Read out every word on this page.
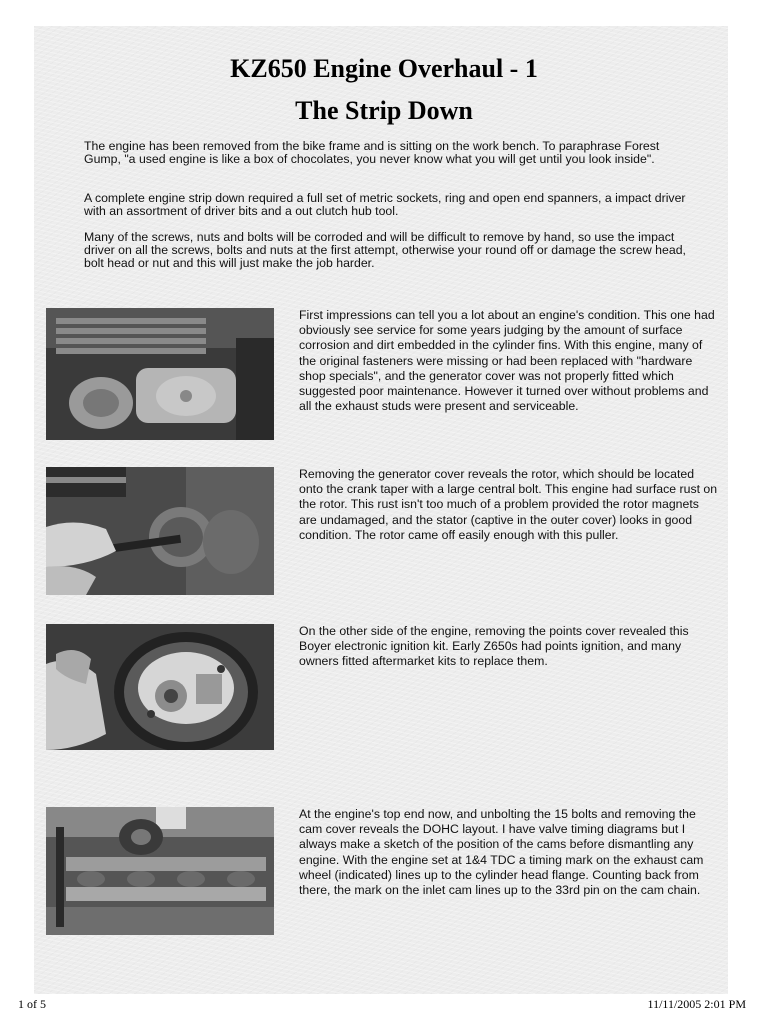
KZ650 Engine Overhaul - 1
The Strip Down

The engine has been removed from the bike frame and is sitting on the work bench. To paraphrase Forest Gump, "a used engine is like a box of chocolates, you never know what you will get until you look inside".

A complete engine strip down required a full set of metric sockets, ring and open end spanners, a impact driver with an assortment of driver bits and a out clutch hub tool.

Many of the screws, nuts and bolts will be corroded and will be difficult to remove by hand, so use the impact driver on all the screws, bolts and nuts at the first attempt, otherwise your round off or damage the screw head, bolt head or nut and this will just make the job harder.

First impressions can tell you a lot about an engine's condition. This one had obviously see service for some years judging by the amount of surface corrosion and dirt embedded in the cylinder fins. With this engine, many of the original fasteners were missing or had been replaced with "hardware shop specials", and the generator cover was not properly fitted which suggested poor maintenance. However it turned over without problems and all the exhaust studs were present and serviceable.

Removing the generator cover reveals the rotor, which should be located onto the crank taper with a large central bolt. This engine had surface rust on the rotor. This rust isn't too much of a problem provided the rotor magnets are undamaged, and the stator (captive in the outer cover) looks in good condition. The rotor came off easily enough with this puller.

On the other side of the engine, removing the points cover revealed this Boyer electronic ignition kit. Early Z650s had points ignition, and many owners fitted aftermarket kits to replace them.

At the engine's top end now, and unbolting the 15 bolts and removing the cam cover reveals the DOHC layout. I have valve timing diagrams but I always make a sketch of the position of the cams before dismantling any engine. With the engine set at 1&4 TDC a timing mark on the exhaust cam wheel (indicated) lines up to the cylinder head flange. Counting back from there, the mark on the inlet cam lines up to the 33rd pin on the cam chain.

1 of 5	11/11/2005 2:01 PM
